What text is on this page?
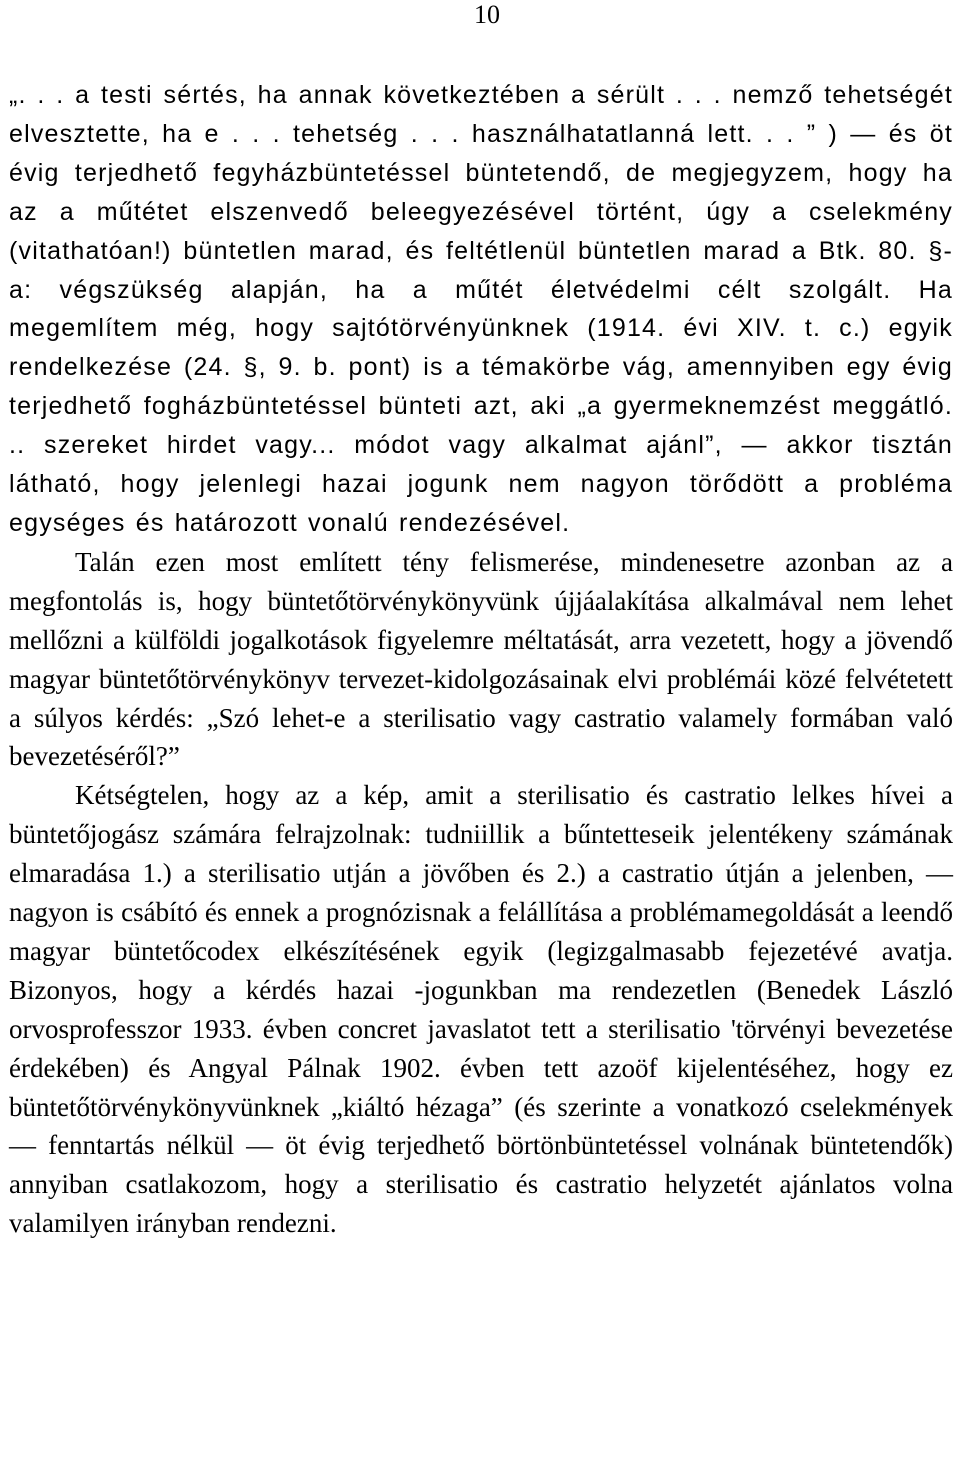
10

„. . . a testi sértés, ha annak következtében a sérült . . . nemző tehetségét elvesztette, ha e . . . tehetség . . . használhatatlanná lett. . . ” ) — és öt évig terjedhető fegyházbüntetéssel büntetendő, de megjegyzem, hogy ha az a műtétet elszenvedő beleegyezésével történt, úgy a cselekmény (vitathatóan!) büntetlen marad, és feltétlenül büntetlen marad a Btk. 80. §-a: végszükség alapján, ha a műtét életvédelmi célt szolgált. Ha megemlítem még, hogy sajtótörvényünknek (1914. évi XIV. t. c.) egyik rendelkezése (24. §, 9. b. pont) is a témakörbe vág, amennyiben egy évig terjedhető fogházbüntetéssel bünteti azt, aki „a gyermeknemzést meggátló. .. szereket hirdet vagy... módot vagy alkalmat ajánl”, — akkor tisztán látható, hogy jelenlegi hazai jogunk nem nagyon törődött a probléma egységes és határozott vonalú rendezésével.

Talán ezen most említett tény felismerése, mindenesetre azonban az a megfontolás is, hogy büntetőtörvénykönyvünk újjáalakítása alkalmával nem lehet mellőzni a külföldi jogalkotások figyelemre méltatását, arra vezetett, hogy a jövendő magyar büntetőtörvénykönyv tervezet-kidolgozásainak elvi problémái közé felvétetett a súlyos kérdés: „Szó lehet-e a sterilisatio vagy castratio valamely formában való bevezetéséről?”

Kétségtelen, hogy az a kép, amit a sterilisatio és castratio lelkes hívei a büntetőjogász számára felrajzolnak: tudniillik a bűntetteseik jelentékeny számának elmaradása 1.) a sterilisatio utján a jövőben és 2.) a castratio útján a jelenben, — nagyon is csábító és ennek a prognózisnak a felállítása a problémamegoldását a leendő magyar büntetőcodex elkészítésének egyik (legizgalmasabb fejezetévé avatja. Bizonyos, hogy a kérdés hazai -jogunkban ma rendezetlen (Benedek László orvosprofesszor 1933. évben concret javaslatot tett a sterilisatio 'törvényi bevezetése érdekében) és Angyal Pálnak 1902. évben tett azoöf kijelentéséhez, hogy ez büntetőtörvénykönyvünknek „kiáltó hézaga” (és szerinte a vonatkozó cselekmények — fenntartás nélkül — öt évig terjedhető börtönbüntetéssel volnának büntetendők) annyiban csatlakozom, hogy a sterilisatio és castratio helyzetét ajánlatos volna valamilyen irányban rendezni.
